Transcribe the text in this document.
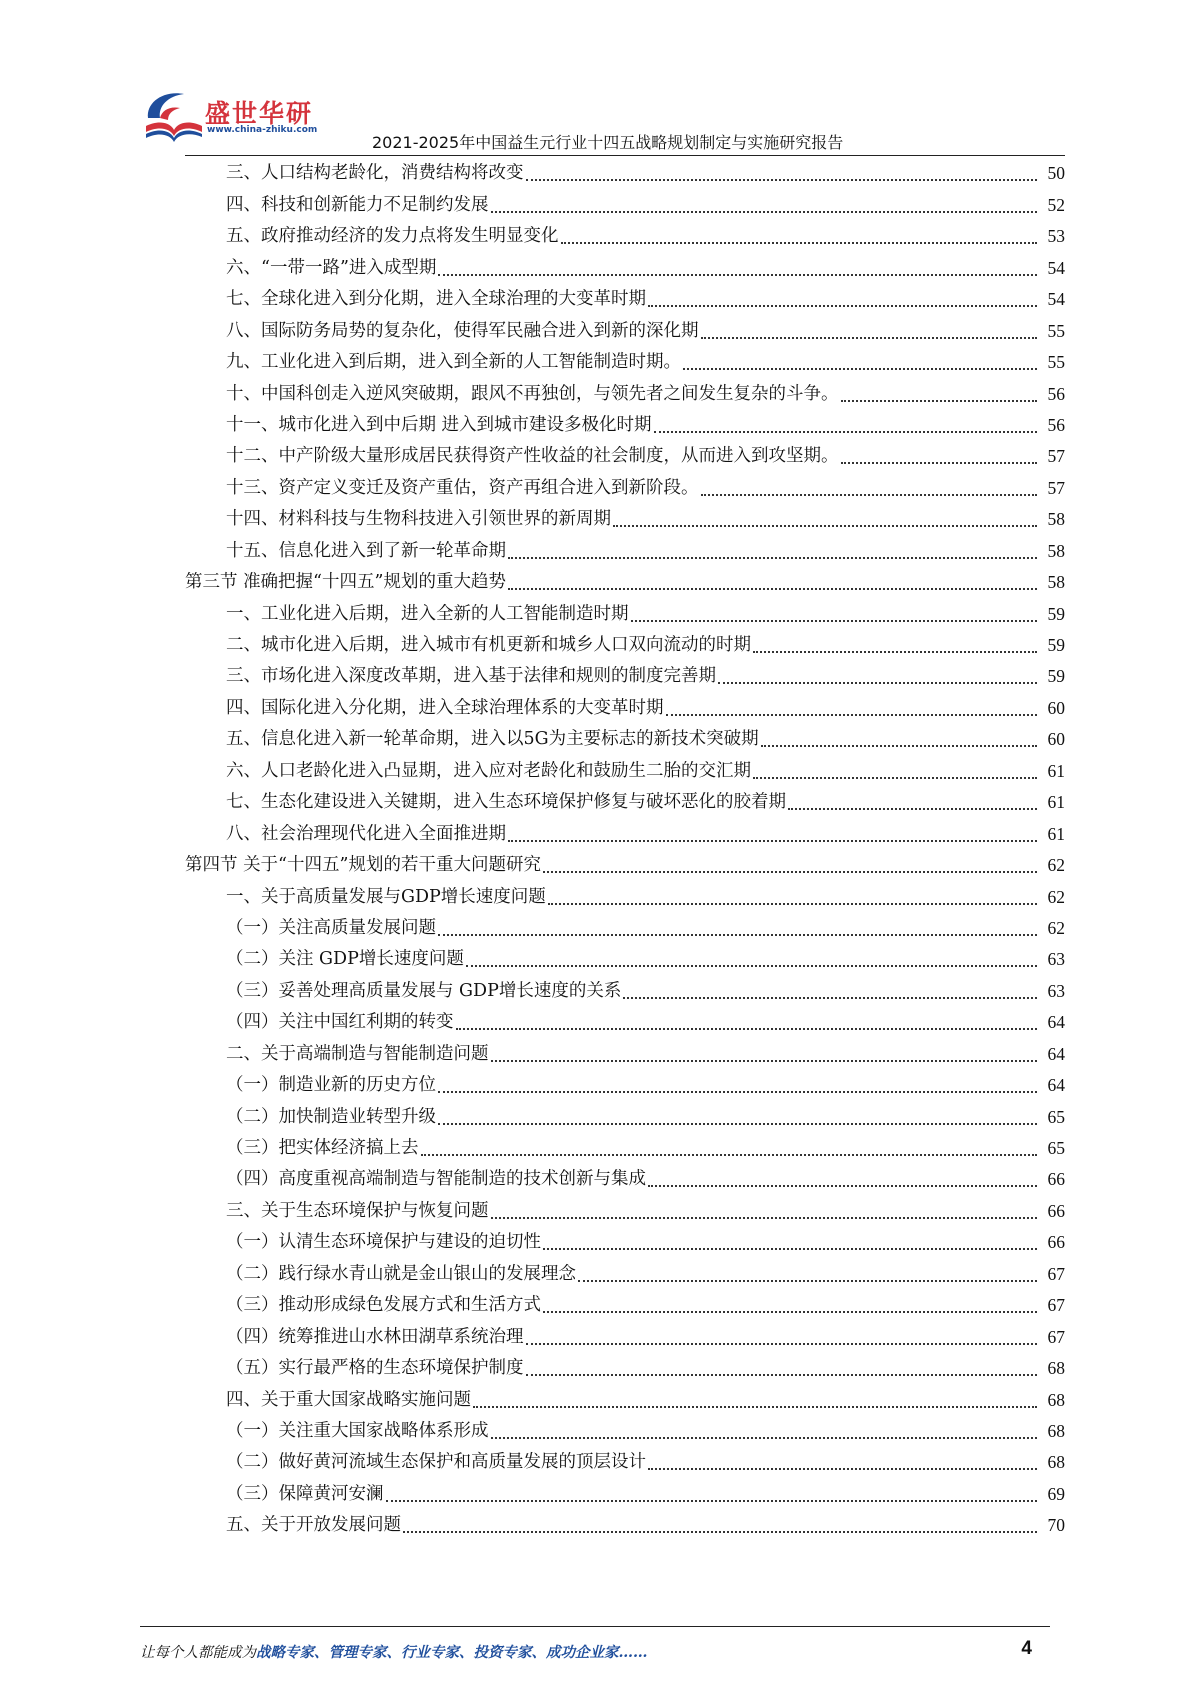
盛世华研
www.china-zhiku.com
2021-2025年中国益生元行业十四五战略规划制定与实施研究报告
三、人口结构老龄化，消费结构将改变	50
四、科技和创新能力不足制约发展	52
五、政府推动经济的发力点将发生明显变化	53
六、“一带一路”进入成型期	54
七、全球化进入到分化期，进入全球治理的大变革时期	54
八、国际防务局势的复杂化，使得军民融合进入到新的深化期	55
九、工业化进入到后期，进入到全新的人工智能制造时期。	55
十、中国科创走入逆风突破期，跟风不再独创，与领先者之间发生复杂的斗争。	56
十一、城市化进入到中后期 进入到城市建设多极化时期	56
十二、中产阶级大量形成居民获得资产性收益的社会制度，从而进入到攻坚期。	57
十三、资产定义变迁及资产重估，资产再组合进入到新阶段。	57
十四、材料科技与生物科技进入引领世界的新周期	58
十五、信息化进入到了新一轮革命期	58
第三节 准确把握“十四五”规划的重大趋势	58
一、工业化进入后期，进入全新的人工智能制造时期	59
二、城市化进入后期，进入城市有机更新和城乡人口双向流动的时期	59
三、市场化进入深度改革期，进入基于法律和规则的制度完善期	59
四、国际化进入分化期，进入全球治理体系的大变革时期	60
五、信息化进入新一轮革命期，进入以5G为主要标志的新技术突破期	60
六、人口老龄化进入凸显期，进入应对老龄化和鼓励生二胎的交汇期	61
七、生态化建设进入关键期，进入生态环境保护修复与破坏恶化的胶着期	61
八、社会治理现代化进入全面推进期	61
第四节 关于“十四五”规划的若干重大问题研究	62
一、关于高质量发展与GDP增长速度问题	62
（一）关注高质量发展问题	62
（二）关注 GDP增长速度问题	63
（三）妥善处理高质量发展与 GDP增长速度的关系	63
（四）关注中国红利期的转变	64
二、关于高端制造与智能制造问题	64
（一）制造业新的历史方位	64
（二）加快制造业转型升级	65
（三）把实体经济搞上去	65
（四）高度重视高端制造与智能制造的技术创新与集成	66
三、关于生态环境保护与恢复问题	66
（一）认清生态环境保护与建设的迫切性	66
（二）践行绿水青山就是金山银山的发展理念	67
（三）推动形成绿色发展方式和生活方式	67
（四）统筹推进山水林田湖草系统治理	67
（五）实行最严格的生态环境保护制度	68
四、关于重大国家战略实施问题	68
（一）关注重大国家战略体系形成	68
（二）做好黄河流域生态保护和高质量发展的顶层设计	68
（三）保障黄河安澜	69
五、关于开放发展问题	70
让每个人都能成为战略专家、管理专家、行业专家、投资专家、成功企业家……	4
